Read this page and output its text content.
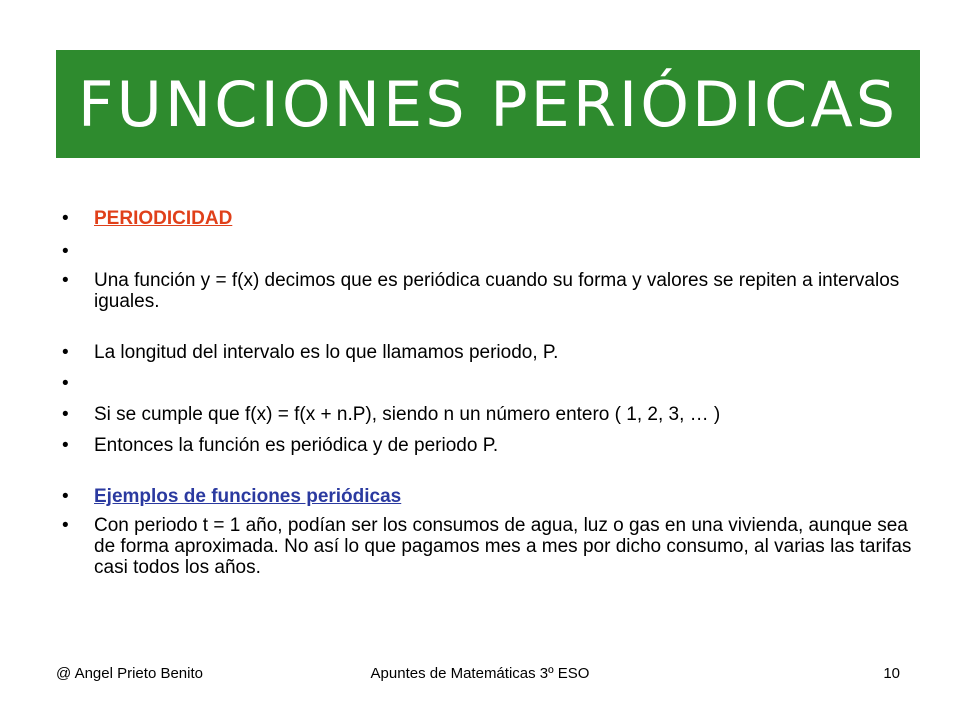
FUNCIONES PERIÓDICAS
• PERIODICIDAD
•

• Una función y = f(x) decimos que es periódica cuando su forma y valores se repiten a intervalos iguales.
• La longitud del intervalo es lo que llamamos periodo, P.
•

• Si se cumple que f(x) = f(x + n.P), siendo n un número entero ( 1, 2, 3, … )
• Entonces la función es periódica y de periodo P.
• Ejemplos de funciones periódicas
• Con periodo t = 1 año, podían ser los consumos de agua, luz o gas en una vivienda, aunque sea de forma aproximada. No así lo que pagamos mes a mes por dicho consumo, al varias las tarifas casi todos los años.
Apuntes de Matemáticas 3º ESO
@ Angel Prieto Benito	10
